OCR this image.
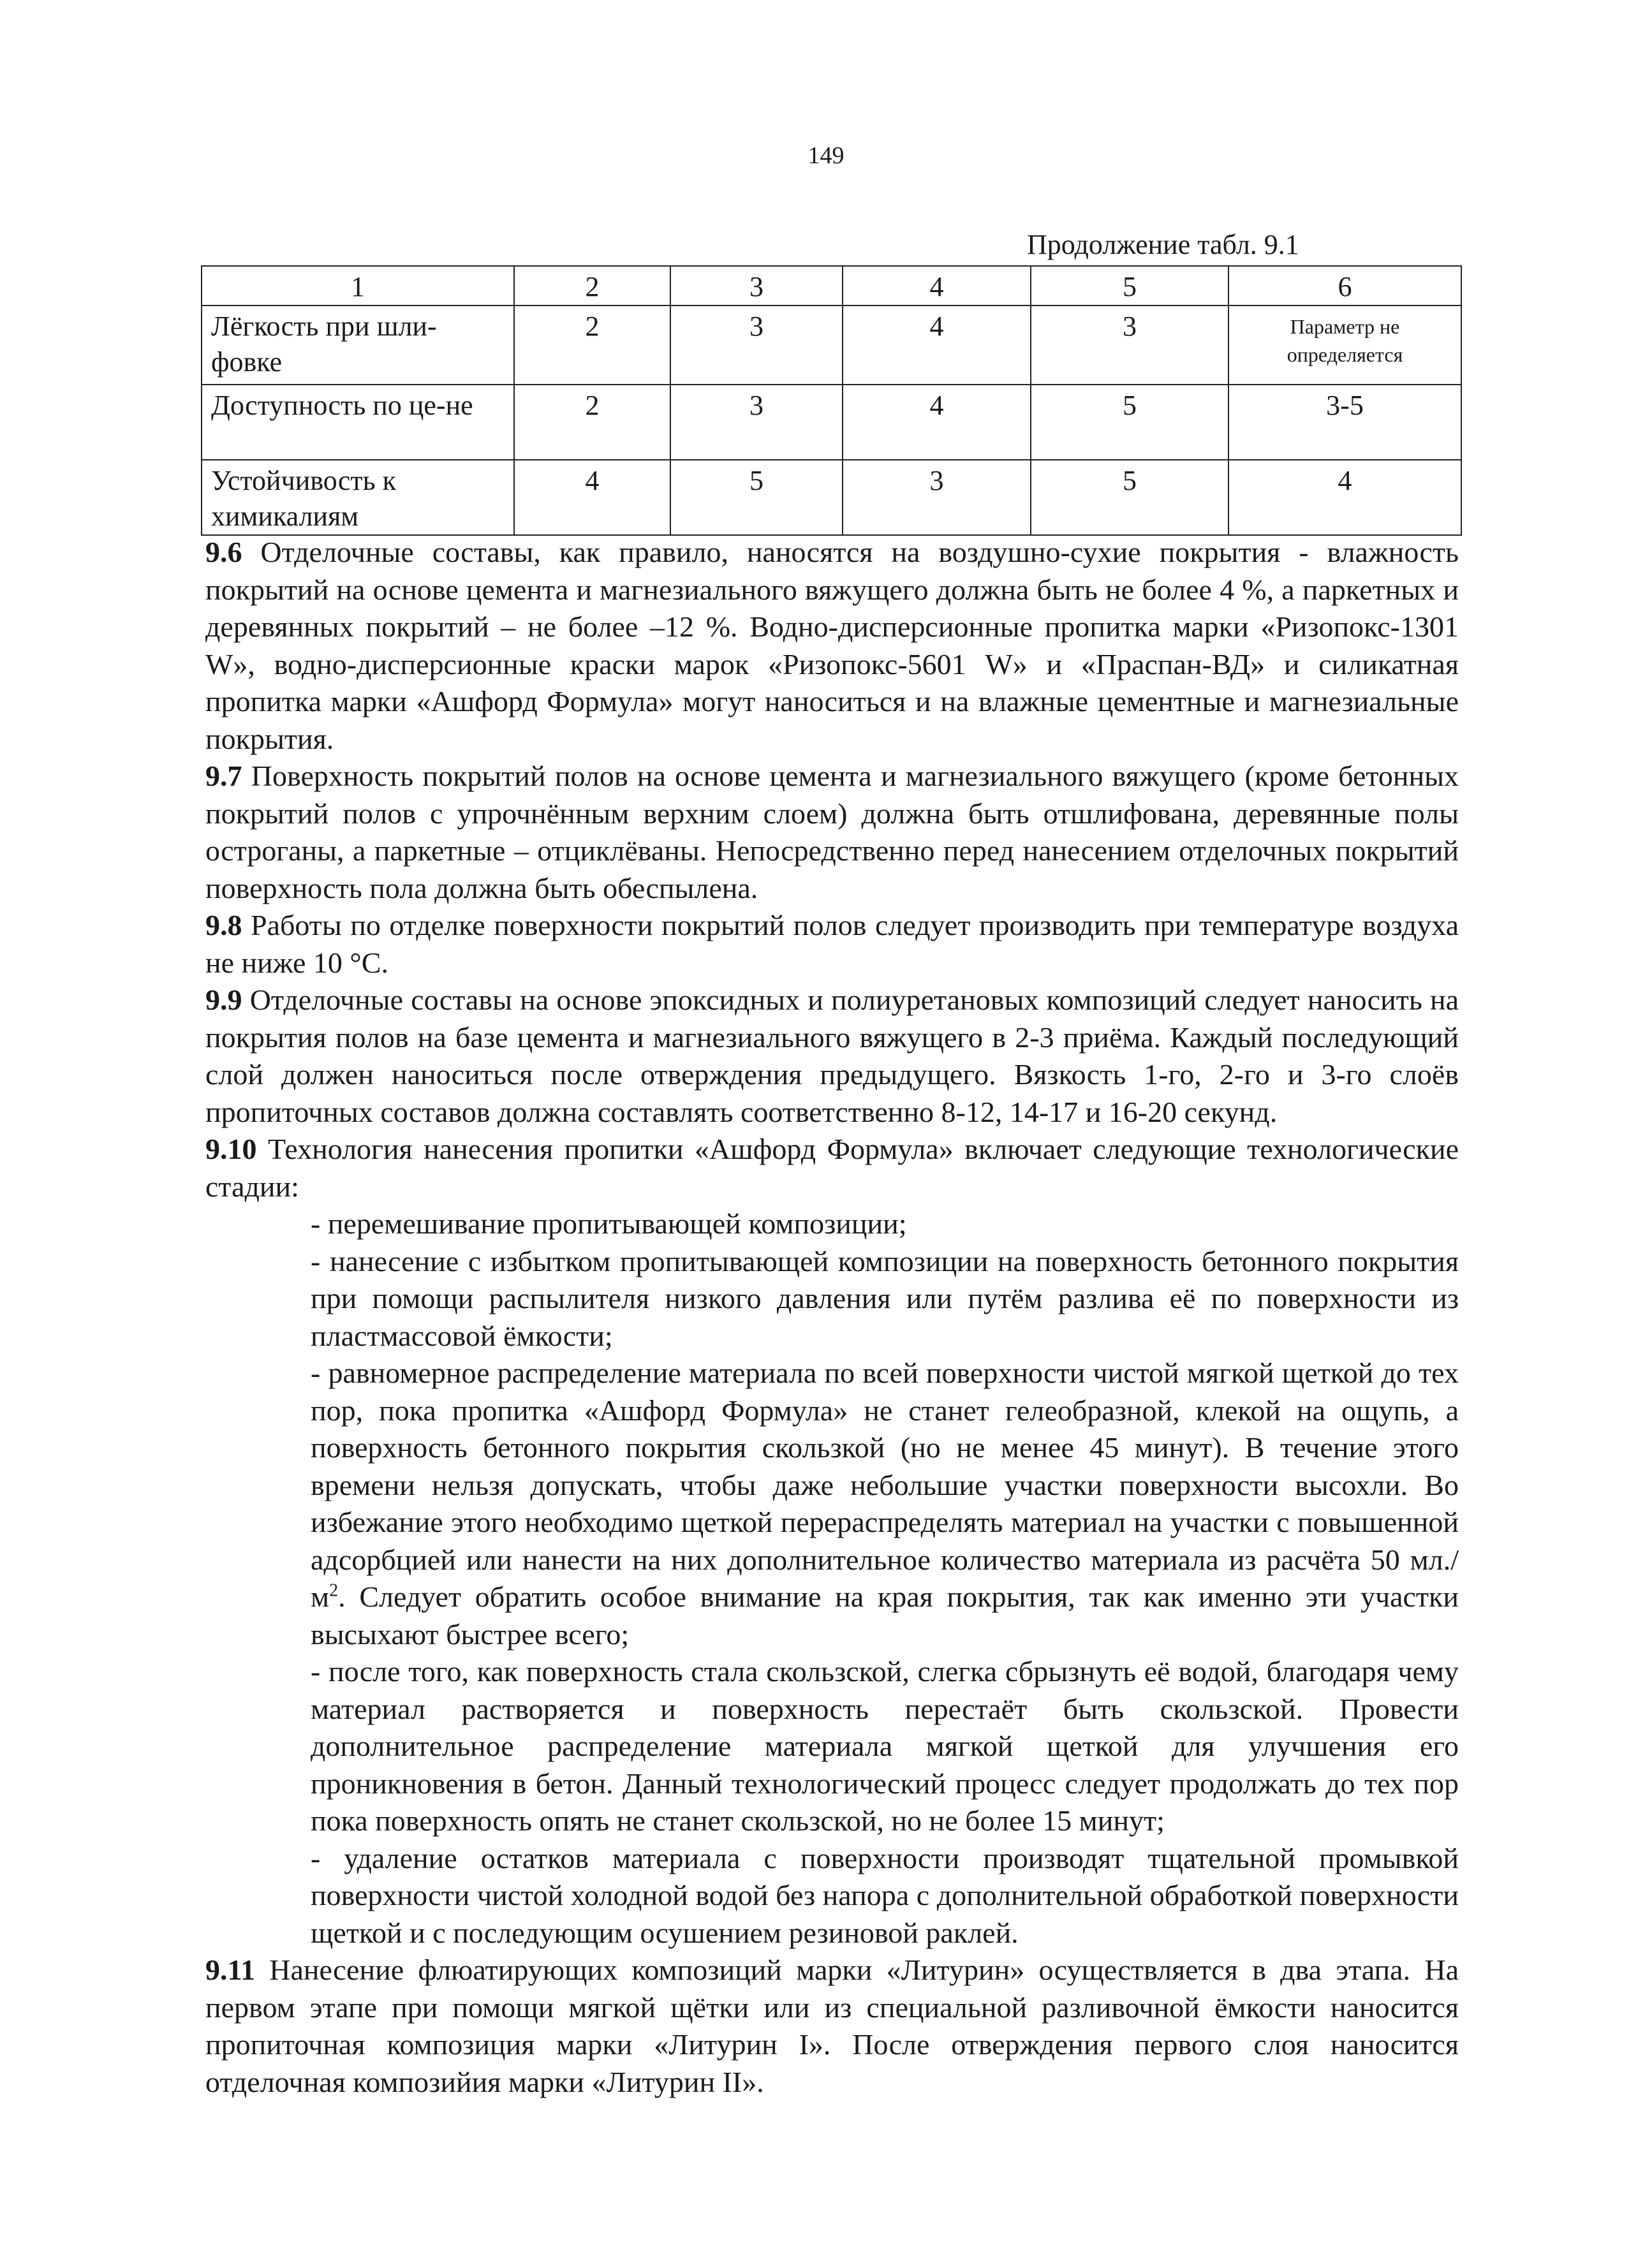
149
Продолжение табл. 9.1
1	2	3	4	5	6
Лёгкость при шли-фовке	2	3	4	3	Параметр не определяется
Доступность по це-не	2	3	4	5	3-5
Устойчивость к химикалиям	4	5	3	5	4

9.6 Отделочные составы, как правило, наносятся на воздушно-сухие покрытия - влажность покрытий на основе цемента и магнезиального вяжущего должна быть не более 4 %, а паркетных и деревянных покрытий – не более –12 %. Водно-дисперсионные пропитка марки «Ризопокс-1301 W», водно-дисперсионные краски марок «Ризопокс-5601 W» и «Праспан-ВД» и силикатная пропитка марки «Ашфорд Формула» могут наноситься и на влажные цементные и магнезиальные покрытия.

9.7 Поверхность покрытий полов на основе цемента и магнезиального вяжущего (кроме бетонных покрытий полов с упрочнённым верхним слоем) должна быть отшлифована, деревянные полы остроганы, а паркетные – отциклёваны. Непосредственно перед нанесением отделочных покрытий поверхность пола должна быть обеспылена.

9.8 Работы по отделке поверхности покрытий полов следует производить при температуре воздуха не ниже 10 °С.

9.9 Отделочные составы на основе эпоксидных и полиуретановых композиций следует наносить на покрытия полов на базе цемента и магнезиального вяжущего в 2-3 приёма. Каждый последующий слой должен наноситься после отверждения предыдущего. Вязкость 1-го, 2-го и 3-го слоёв пропиточных составов должна составлять соответственно 8-12, 14-17 и 16-20 секунд.

9.10 Технология нанесения пропитки «Ашфорд Формула» включает следующие технологические стадии:

- перемешивание пропитывающей композиции;

- нанесение с избытком пропитывающей композиции на поверхность бетонного покрытия при помощи распылителя низкого давления или путём разлива её по поверхности из пластмассовой ёмкости;

- равномерное распределение материала по всей поверхности чистой мягкой щеткой до тех пор, пока пропитка «Ашфорд Формула» не станет гелеобразной, клекой на ощупь, а поверхность бетонного покрытия скользкой (но не менее 45 минут). В течение этого времени нельзя допускать, чтобы даже небольшие участки поверхности высохли. Во избежание этого необходимо щеткой перераспределять материал на участки с повышенной адсорбцией или нанести на них дополнительное количество материала из расчёта 50 $мл./м^2$. Следует обратить особое внимание на края покрытия, так как именно эти участки высыхают быстрее всего;

- после того, как поверхность стала скользской, слегка сбрызнуть её водой, благодаря чему материал растворяется и поверхность перестаёт быть скользской. Провести дополнительное распределение материала мягкой щеткой для улучшения его проникновения в бетон. Данный технологический процесс следует продолжать до тех пор пока поверхность опять не станет скользской, но не более 15 минут;

- удаление остатков материала с поверхности производят тщательной промывкой поверхности чистой холодной водой без напора с дополнительной обработкой поверхности щеткой и с последующим осушением резиновой раклей.

9.11 Нанесение флюатирующих композиций марки «Литурин» осуществляется в два этапа. На первом этапе при помощи мягкой щётки или из специальной разливочной ёмкости наносится пропиточная композиция марки «Литурин I». После отверждения первого слоя наносится отделочная композийия марки «Литурин II».
